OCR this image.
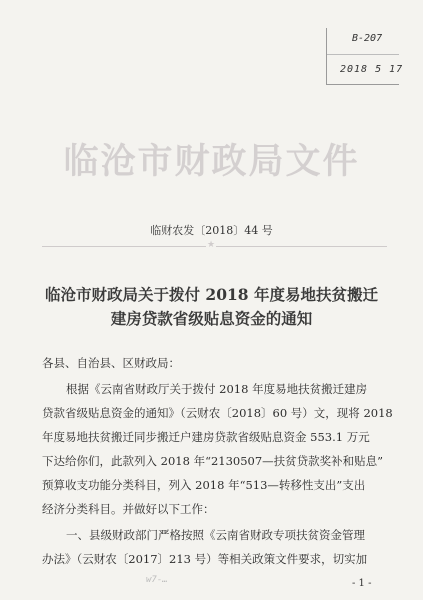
B-207
2018 5 17
临沧市财政局文件
临财农发〔2018〕44 号
★
临沧市财政局关于拨付 2018 年度易地扶贫搬迁
建房贷款省级贴息资金的通知
各县、自治县、区财政局：
根据《云南省财政厅关于拨付 2018 年度易地扶贫搬迁建房
贷款省级贴息资金的通知》（云财农〔2018〕60 号）文，现将 2018
年度易地扶贫搬迁同步搬迁户建房贷款省级贴息资金 553.1 万元
下达给你们，此款列入 2018 年“2130507—扶贫贷款奖补和贴息”
预算收支功能分类科目，列入 2018 年“513—转移性支出”支出
经济分类科目。并做好以下工作：
一、县级财政部门严格按照《云南省财政专项扶贫资金管理
办法》（云财农〔2017〕213 号）等相关政策文件要求，切实加
w7-…	- 1 -
